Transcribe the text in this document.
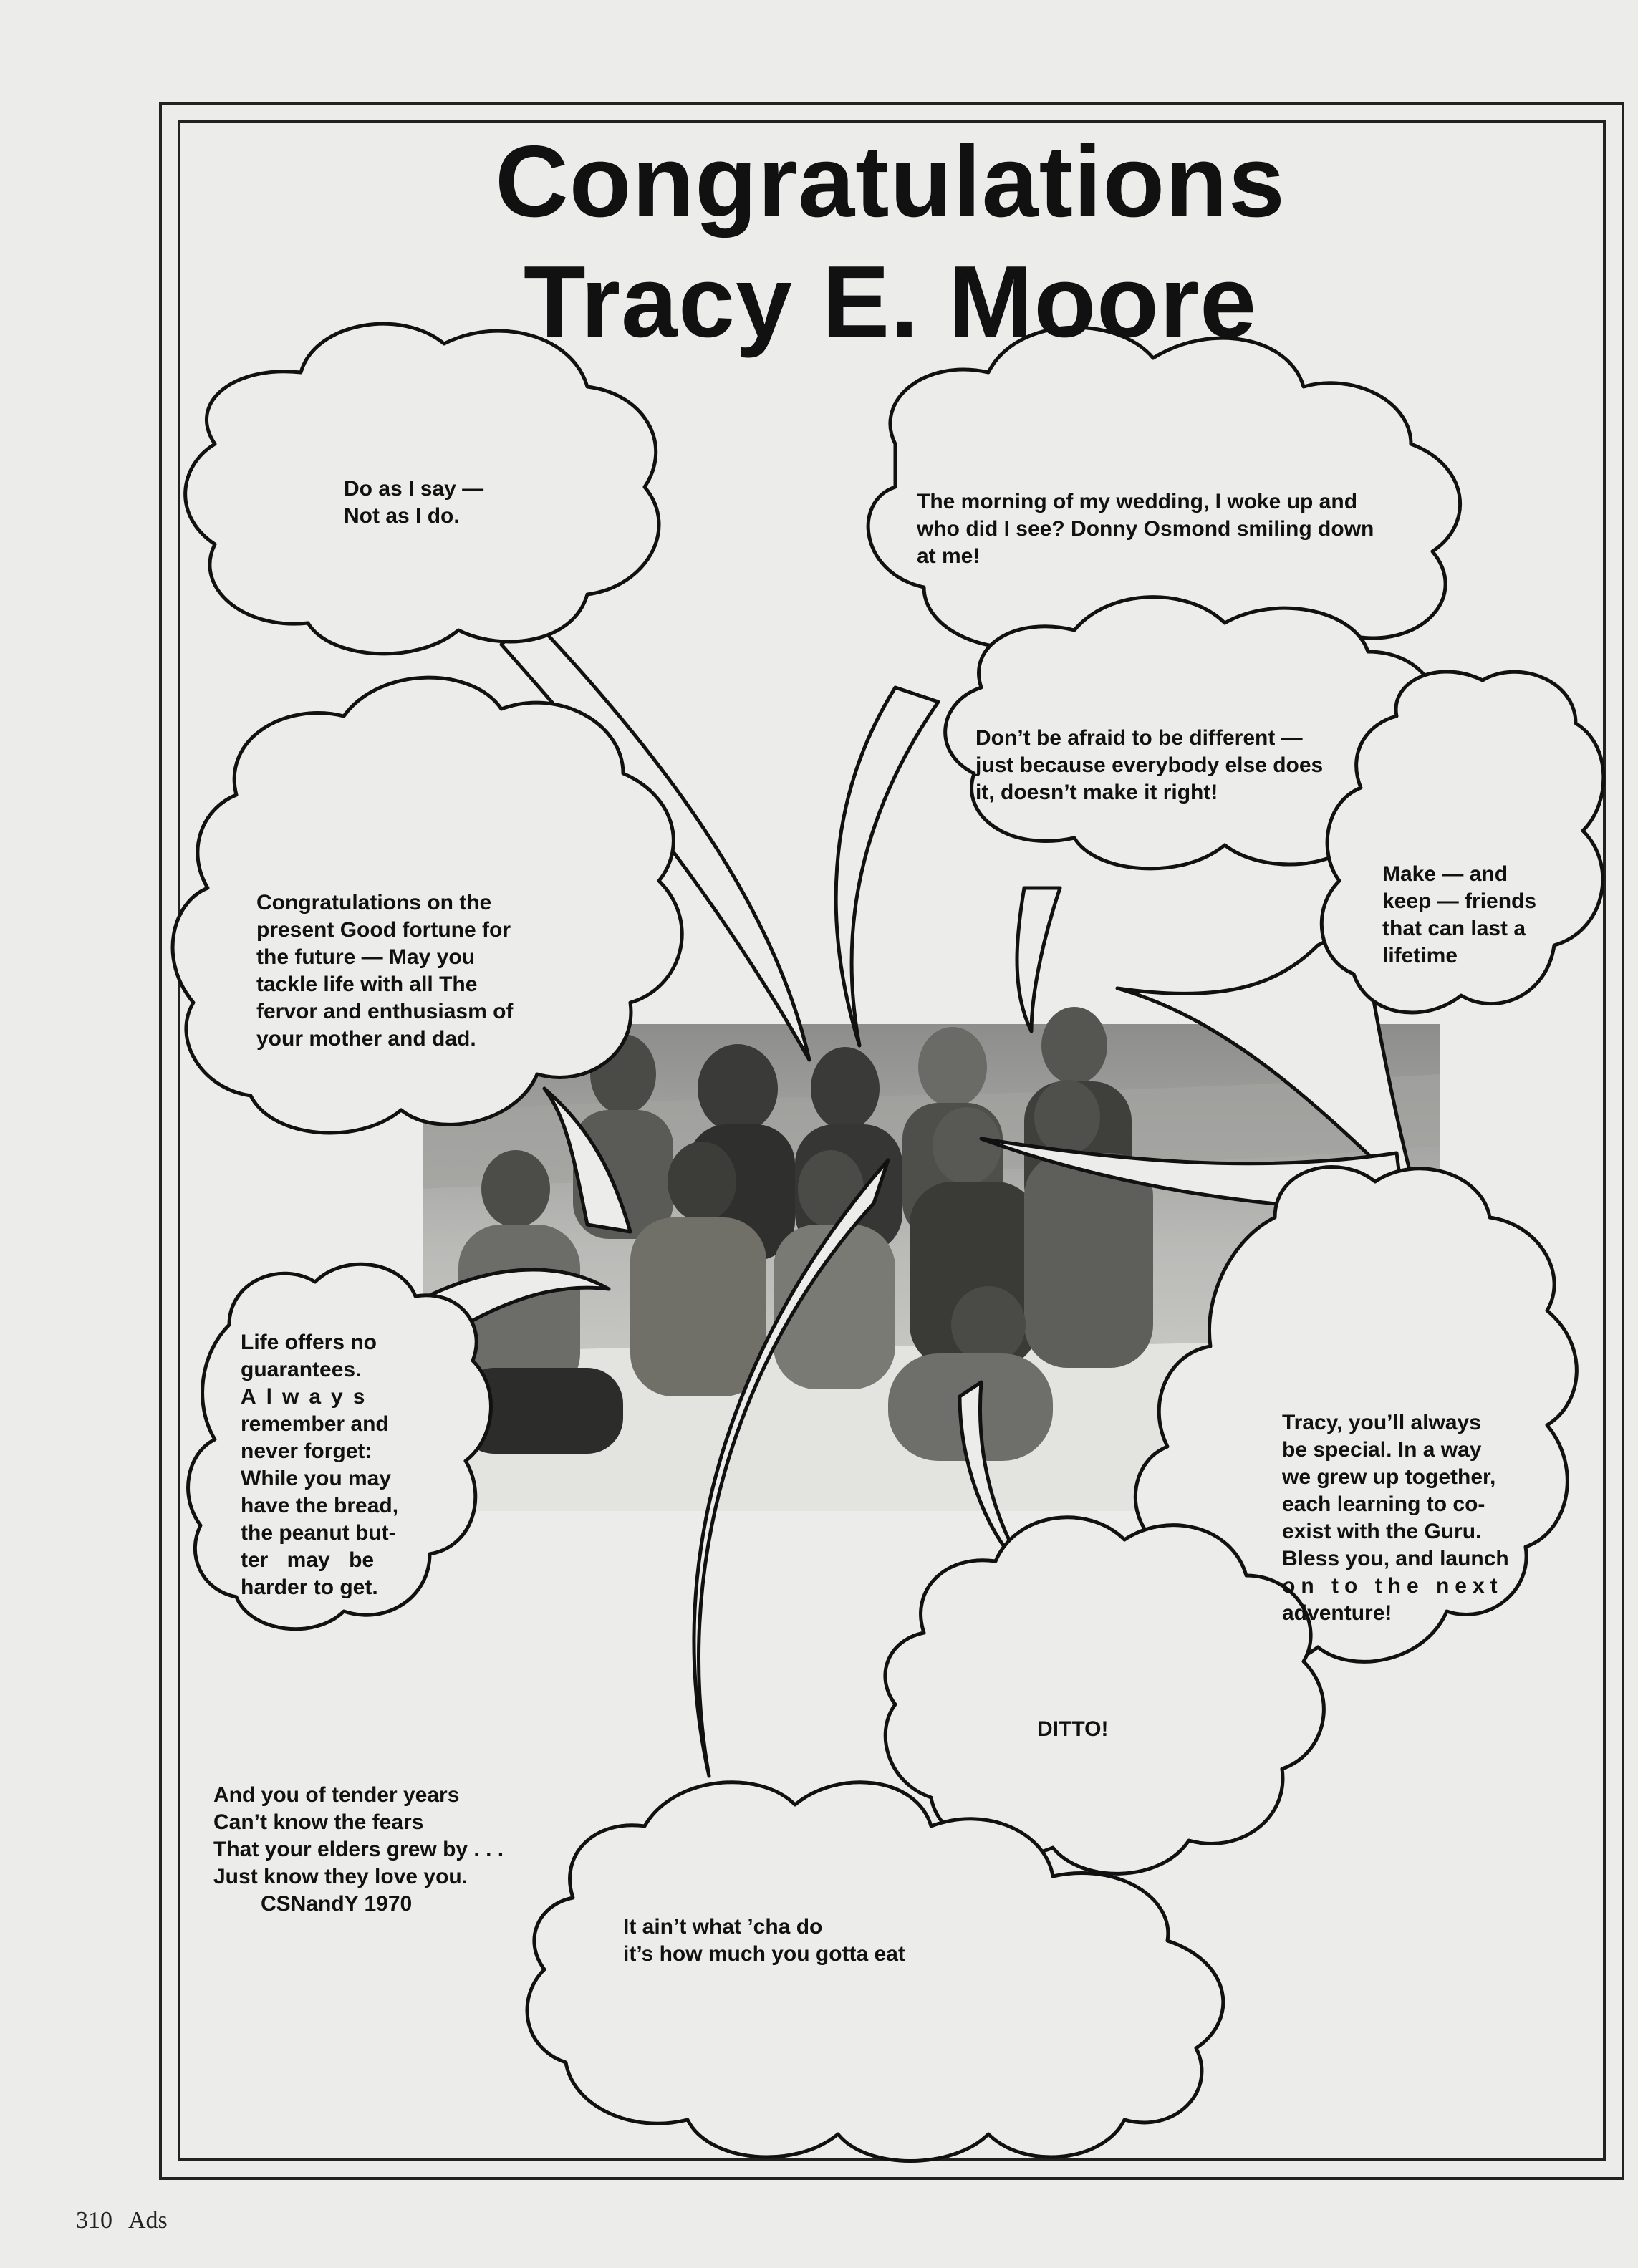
Congratulations
Tracy E. Moore
Do as I say —
Not as I do.
The morning of my wedding, I woke up and
who did I see? Donny Osmond smiling down
at me!
Don’t be afraid to be different —
just because everybody else does
it, doesn’t make it right!
Make — and
keep — friends
that can last a
lifetime
Congratulations on the
present Good fortune for
the future — May you
tackle life with all The
fervor and enthusiasm of
your mother and dad.
Life offers no
guarantees.
Always
remember and
never forget:
While you may
have the bread,
the peanut but-
ter may be
harder to get.
Tracy, you’ll always
be special. In a way
we grew up together,
each learning to co-
exist with the Guru.
Bless you, and launch
on to the next
adventure!
DITTO!
And you of tender years
Can’t know the fears
That your elders grew by . . .
Just know they love you.
CSNandY 1970
It ain’t what ’cha do
it’s how much you gotta eat
310 Ads
